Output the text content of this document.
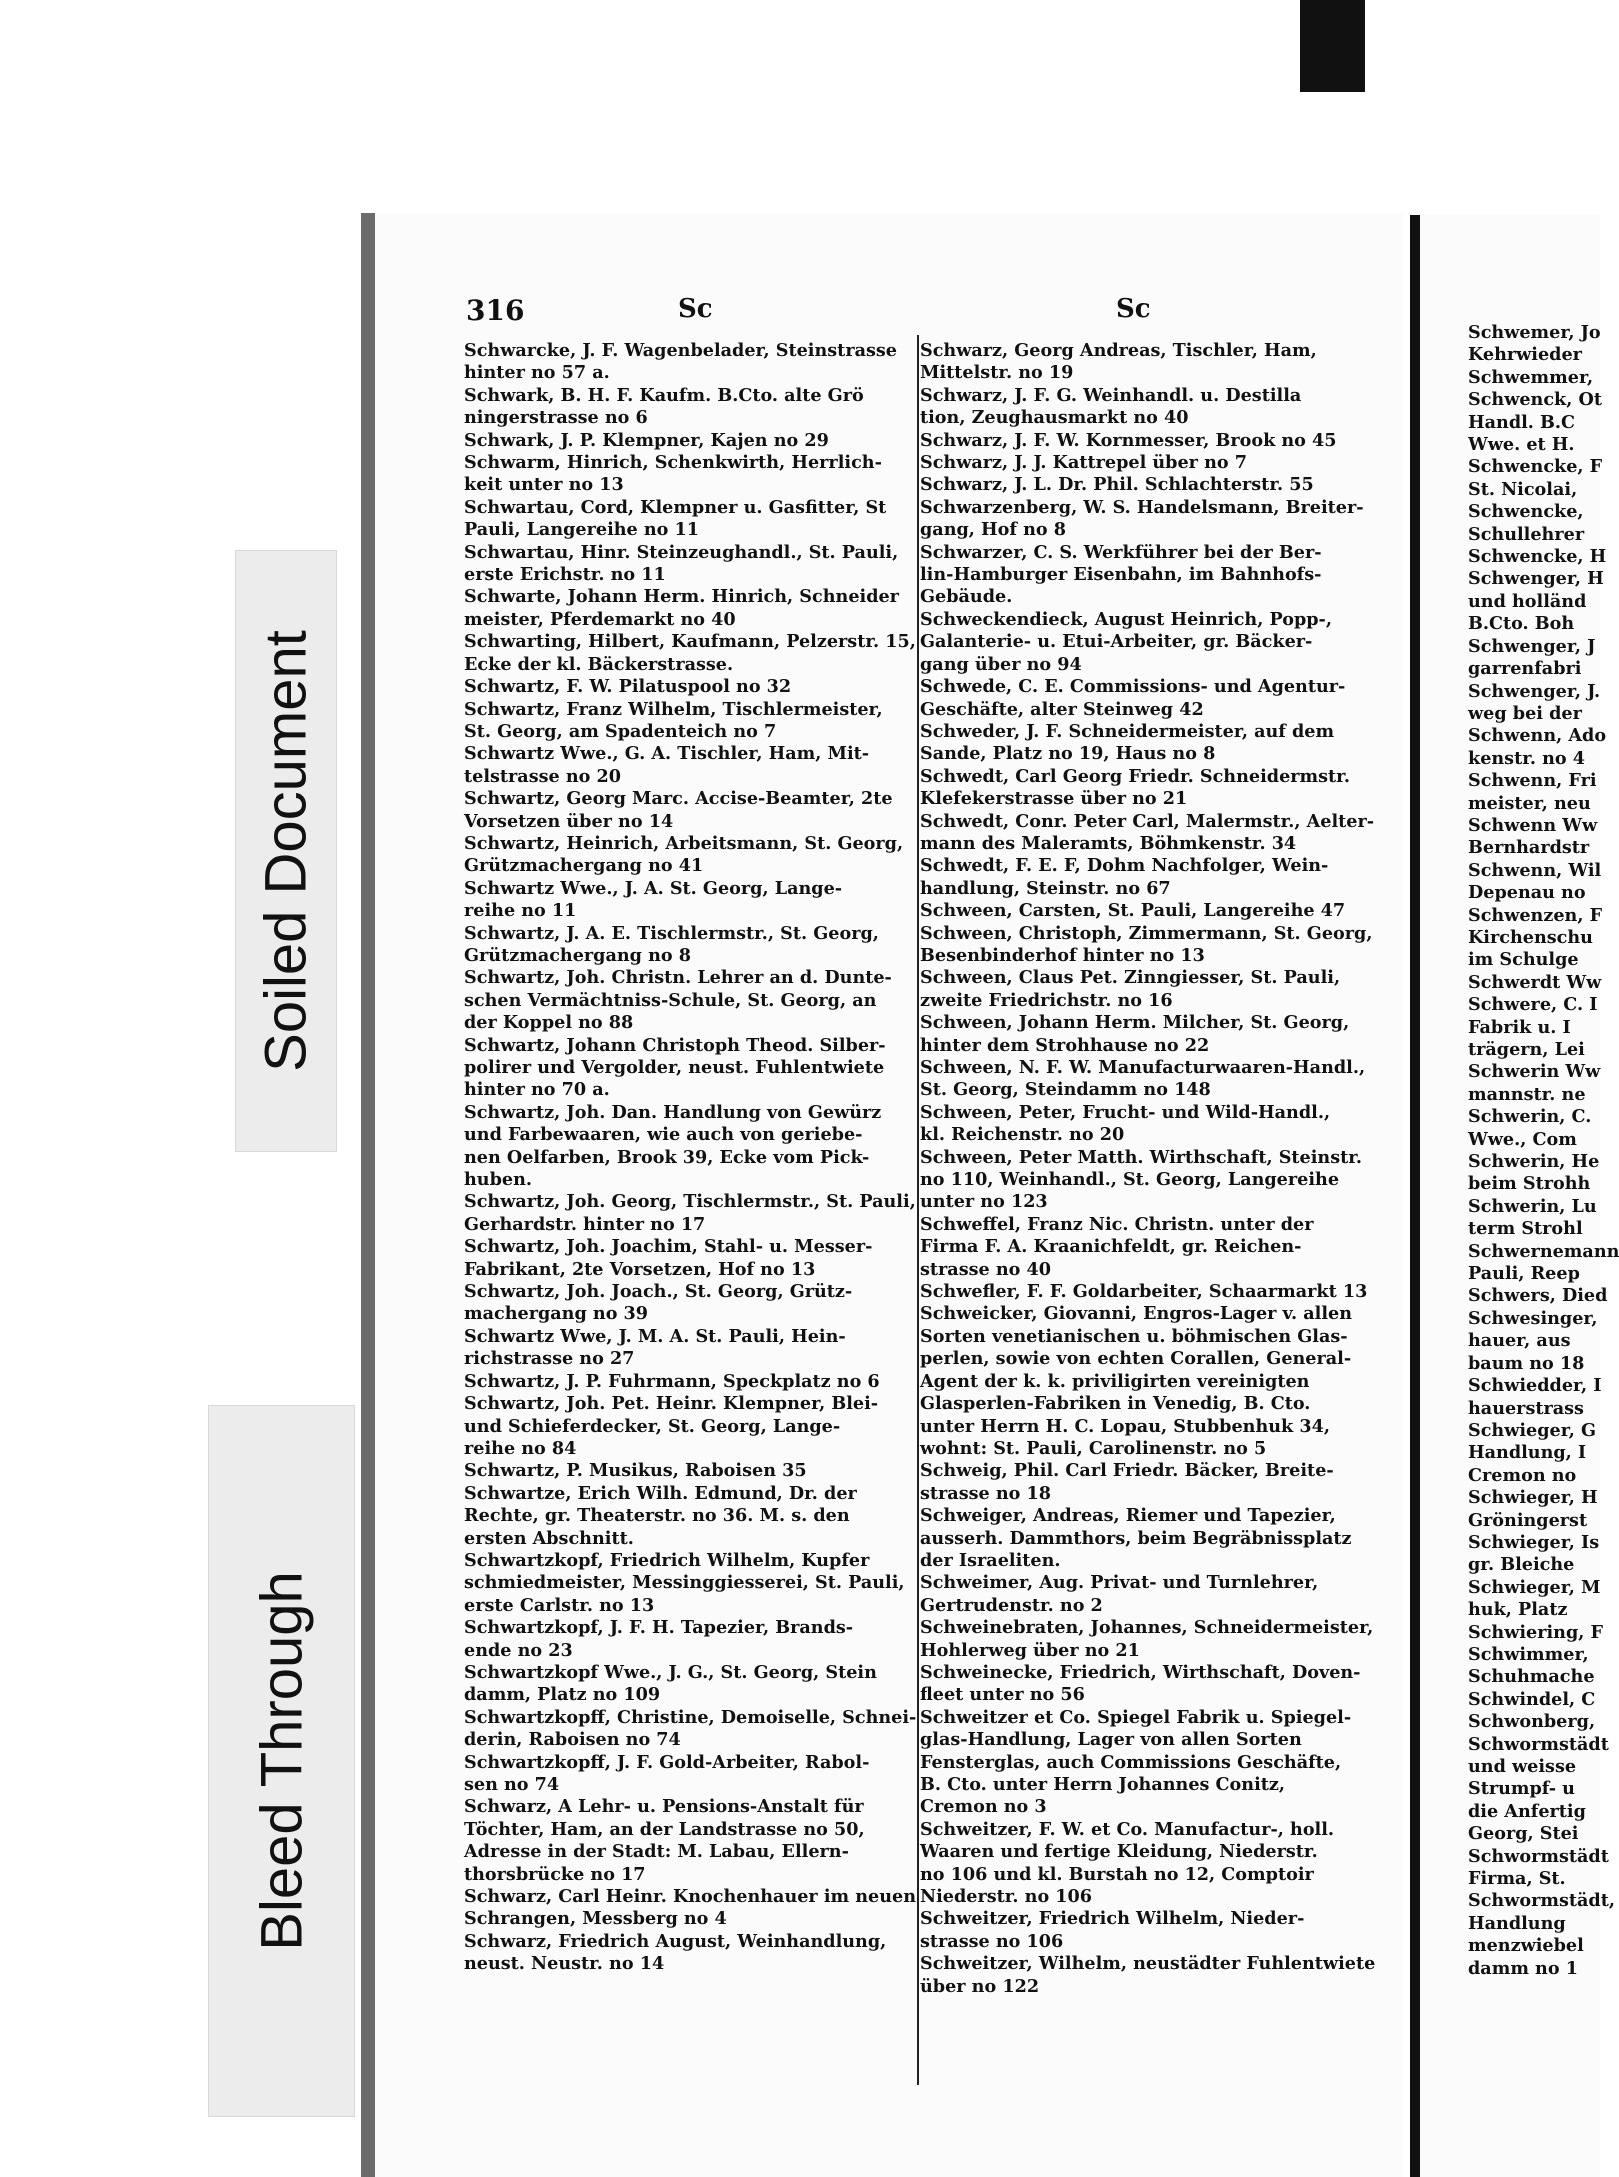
Soiled Document
Bleed Through
316	Sc	Sc
Schwarcke, J. F. Wagenbelader, Steinstrasse
hinter no 57 a.
Schwark, B. H. F. Kaufm. B.Cto. alte Grö
ningerstrasse no 6
Schwark, J. P. Klempner, Kajen no 29
Schwarm, Hinrich, Schenkwirth, Herrlich-
keit unter no 13
Schwartau, Cord, Klempner u. Gasfitter, St
Pauli, Langereihe no 11
Schwartau, Hinr. Steinzeughandl., St. Pauli,
erste Erichstr. no 11
Schwarte, Johann Herm. Hinrich, Schneider
meister, Pferdemarkt no 40
Schwarting, Hilbert, Kaufmann, Pelzerstr. 15,
Ecke der kl. Bäckerstrasse.
Schwartz, F. W. Pilatuspool no 32
Schwartz, Franz Wilhelm, Tischlermeister,
St. Georg, am Spadenteich no 7
Schwartz Wwe., G. A. Tischler, Ham, Mit-
telstrasse no 20
Schwartz, Georg Marc. Accise-Beamter, 2te
Vorsetzen über no 14
Schwartz, Heinrich, Arbeitsmann, St. Georg,
Grützmachergang no 41
Schwartz Wwe., J. A. St. Georg, Lange-
reihe no 11
Schwartz, J. A. E. Tischlermstr., St. Georg,
Grützmachergang no 8
Schwartz, Joh. Christn. Lehrer an d. Dunte-
schen Vermächtniss-Schule, St. Georg, an
der Koppel no 88
Schwartz, Johann Christoph Theod. Silber-
polirer und Vergolder, neust. Fuhlentwiete
hinter no 70 a.
Schwartz, Joh. Dan. Handlung von Gewürz
und Farbewaaren, wie auch von geriebe-
nen Oelfarben, Brook 39, Ecke vom Pick-
huben.
Schwartz, Joh. Georg, Tischlermstr., St. Pauli,
Gerhardstr. hinter no 17
Schwartz, Joh. Joachim, Stahl- u. Messer-
Fabrikant, 2te Vorsetzen, Hof no 13
Schwartz, Joh. Joach., St. Georg, Grütz-
machergang no 39
Schwartz Wwe, J. M. A. St. Pauli, Hein-
richstrasse no 27
Schwartz, J. P. Fuhrmann, Speckplatz no 6
Schwartz, Joh. Pet. Heinr. Klempner, Blei-
und Schieferdecker, St. Georg, Lange-
reihe no 84
Schwartz, P. Musikus, Raboisen 35
Schwartze, Erich Wilh. Edmund, Dr. der
Rechte, gr. Theaterstr. no 36. M. s. den
ersten Abschnitt.
Schwartzkopf, Friedrich Wilhelm, Kupfer
schmiedmeister, Messinggiesserei, St. Pauli,
erste Carlstr. no 13
Schwartzkopf, J. F. H. Tapezier, Brands-
ende no 23
Schwartzkopf Wwe., J. G., St. Georg, Stein
damm, Platz no 109
Schwartzkopff, Christine, Demoiselle, Schnei-
derin, Raboisen no 74
Schwartzkopff, J. F. Gold-Arbeiter, Rabol-
sen no 74
Schwarz, A Lehr- u. Pensions-Anstalt für
Töchter, Ham, an der Landstrasse no 50,
Adresse in der Stadt: M. Labau, Ellern-
thorsbrücke no 17
Schwarz, Carl Heinr. Knochenhauer im neuen
Schrangen, Messberg no 4
Schwarz, Friedrich August, Weinhandlung,
neust. Neustr. no 14
Schwarz, Georg Andreas, Tischler, Ham,
Mittelstr. no 19
Schwarz, J. F. G. Weinhandl. u. Destilla
tion, Zeughausmarkt no 40
Schwarz, J. F. W. Kornmesser, Brook no 45
Schwarz, J. J. Kattrepel über no 7
Schwarz, J. L. Dr. Phil. Schlachterstr. 55
Schwarzenberg, W. S. Handelsmann, Breiter-
gang, Hof no 8
Schwarzer, C. S. Werkführer bei der Ber-
lin-Hamburger Eisenbahn, im Bahnhofs-
Gebäude.
Schweckendieck, August Heinrich, Popp-,
Galanterie- u. Etui-Arbeiter, gr. Bäcker-
gang über no 94
Schwede, C. E. Commissions- und Agentur-
Geschäfte, alter Steinweg 42
Schweder, J. F. Schneidermeister, auf dem
Sande, Platz no 19, Haus no 8
Schwedt, Carl Georg Friedr. Schneidermstr.
Klefekerstrasse über no 21
Schwedt, Conr. Peter Carl, Malermstr., Aelter-
mann des Maleramts, Böhmkenstr. 34
Schwedt, F. E. F, Dohm Nachfolger, Wein-
handlung, Steinstr. no 67
Schween, Carsten, St. Pauli, Langereihe 47
Schween, Christoph, Zimmermann, St. Georg,
Besenbinderhof hinter no 13
Schween, Claus Pet. Zinngiesser, St. Pauli,
zweite Friedrichstr. no 16
Schween, Johann Herm. Milcher, St. Georg,
hinter dem Strohhause no 22
Schween, N. F. W. Manufacturwaaren-Handl.,
St. Georg, Steindamm no 148
Schween, Peter, Frucht- und Wild-Handl.,
kl. Reichenstr. no 20
Schween, Peter Matth. Wirthschaft, Steinstr.
no 110, Weinhandl., St. Georg, Langereihe
unter no 123
Schweffel, Franz Nic. Christn. unter der
Firma F. A. Kraanichfeldt, gr. Reichen-
strasse no 40
Schwefler, F. F. Goldarbeiter, Schaarmarkt 13
Schweicker, Giovanni, Engros-Lager v. allen
Sorten venetianischen u. böhmischen Glas-
perlen, sowie von echten Corallen, General-
Agent der k. k. priviligirten vereinigten
Glasperlen-Fabriken in Venedig, B. Cto.
unter Herrn H. C. Lopau, Stubbenhuk 34,
wohnt: St. Pauli, Carolinenstr. no 5
Schweig, Phil. Carl Friedr. Bäcker, Breite-
strasse no 18
Schweiger, Andreas, Riemer und Tapezier,
ausserh. Dammthors, beim Begräbnissplatz
der Israeliten.
Schweimer, Aug. Privat- und Turnlehrer,
Gertrudenstr. no 2
Schweinebraten, Johannes, Schneidermeister,
Hohlerweg über no 21
Schweinecke, Friedrich, Wirthschaft, Doven-
fleet unter no 56
Schweitzer et Co. Spiegel Fabrik u. Spiegel-
glas-Handlung, Lager von allen Sorten
Fensterglas, auch Commissions Geschäfte,
B. Cto. unter Herrn Johannes Conitz,
Cremon no 3
Schweitzer, F. W. et Co. Manufactur-, holl.
Waaren und fertige Kleidung, Niederstr.
no 106 und kl. Burstah no 12, Comptoir
Niederstr. no 106
Schweitzer, Friedrich Wilhelm, Nieder-
strasse no 106
Schweitzer, Wilhelm, neustädter Fuhlentwiete
über no 122
Schwemer, Jo
Kehrwieder
Schwemmer,
Schwenck, Ot
Handl. B.C
Wwe. et H.
Schwencke, F
St. Nicolai,
Schwencke,
Schullehrer
Schwencke, H
Schwenger, H
und holländ
B.Cto. Boh
Schwenger, J
garrenfabri
Schwenger, J.
weg bei der
Schwenn, Ado
kenstr. no 4
Schwenn, Fri
meister, neu
Schwenn Ww
Bernhardstr
Schwenn, Wil
Depenau no
Schwenzen, F
Kirchenschu
im Schulge
Schwerdt Ww
Schwere, C. I
Fabrik u. I
trägern, Lei
Schwerin Ww
mannstr. ne
Schwerin, C.
Wwe., Com
Schwerin, He
beim Strohh
Schwerin, Lu
term Strohl
Schwernemann
Pauli, Reep
Schwers, Died
Schwesinger,
hauer, aus
baum no 18
Schwiedder, I
hauerstrass
Schwieger, G
Handlung, I
Cremon no
Schwieger, H
Gröningerst
Schwieger, Is
gr. Bleiche
Schwieger, M
huk, Platz
Schwiering, F
Schwimmer,
Schuhmache
Schwindel, C
Schwonberg,
Schwormstädt
und weisse
Strumpf- u
die Anfertig
Georg, Stei
Schwormstädt
Firma, St.
Schwormstädt,
Handlung
menzwiebel
damm no 1
